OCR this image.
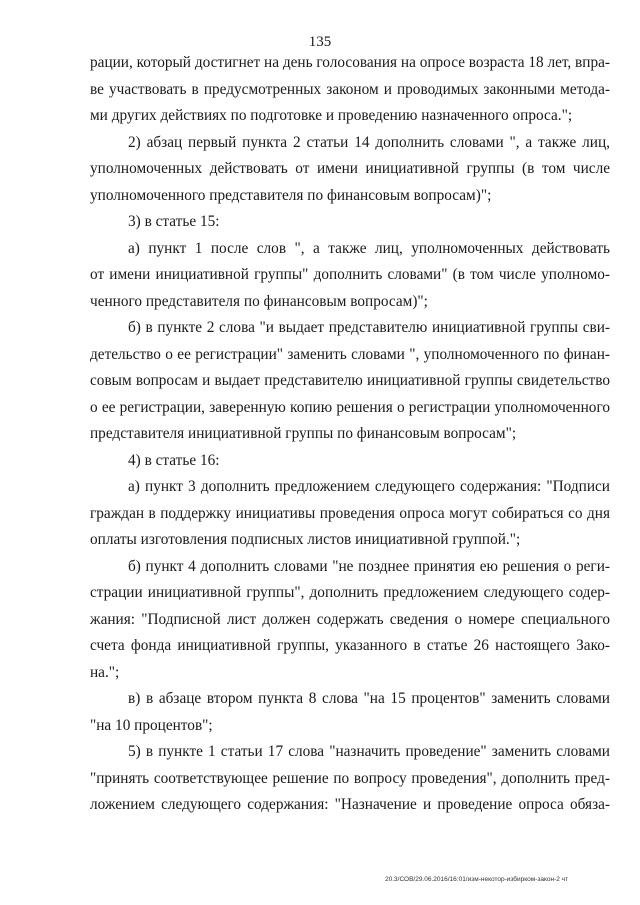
135
рации, который достигнет на день голосования на опросе возраста 18 лет, впра-
ве участвовать в предусмотренных законом и проводимых законными метода-
ми других действиях по подготовке и проведению назначенного опроса.";
2) абзац первый пункта 2 статьи 14 дополнить словами ", а также лиц,
уполномоченных действовать от имени инициативной группы (в том числе
уполномоченного представителя по финансовым вопросам)";
3) в статье 15:
а) пункт 1 после слов ", а также лиц, уполномоченных действовать
от имени инициативной группы" дополнить словами" (в том числе уполномо-
ченного представителя по финансовым вопросам)";
б) в пункте 2 слова "и выдает представителю инициативной группы сви-
детельство о ее регистрации" заменить словами ", уполномоченного по финан-
совым вопросам и выдает представителю инициативной группы свидетельство
о ее регистрации, заверенную копию решения о регистрации уполномоченного
представителя инициативной группы по финансовым вопросам";
4) в статье 16:
а) пункт 3 дополнить предложением следующего содержания: "Подписи
граждан в поддержку инициативы проведения опроса могут собираться со дня
оплаты изготовления подписных листов инициативной группой.";
б) пункт 4 дополнить словами "не позднее принятия ею решения о реги-
страции инициативной группы", дополнить предложением следующего содер-
жания: "Подписной лист должен содержать сведения о номере специального
счета фонда инициативной группы, указанного в статье 26 настоящего Зако-
на.";
в) в абзаце втором пункта 8 слова "на 15 процентов" заменить словами
"на 10 процентов";
5) в пункте 1 статьи 17 слова "назначить проведение" заменить словами
"принять соответствующее решение по вопросу проведения", дополнить пред-
ложением следующего содержания: "Назначение и проведение опроса обяза-
20.3/СОВ/29.06.2016/16:01/изм-некотор-избирком-закон-2 чт
